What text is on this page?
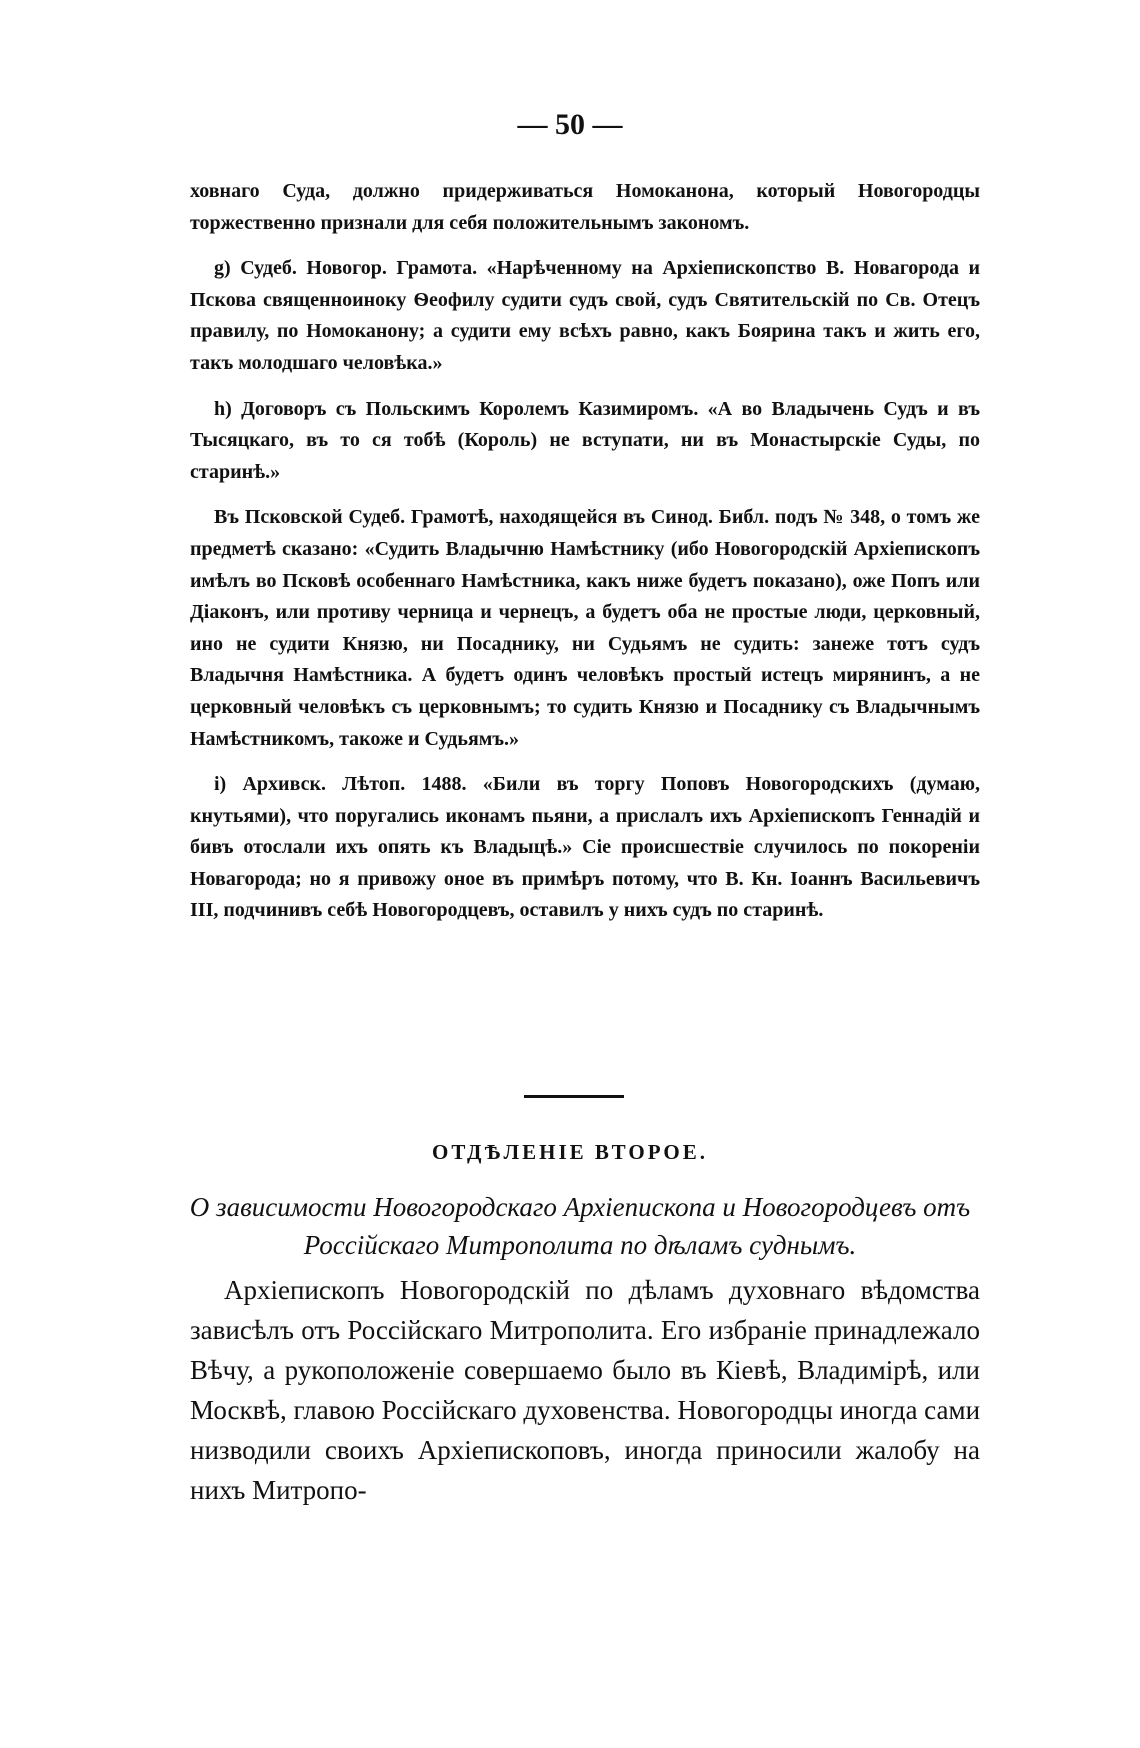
— 50 —

ховнаго Суда, должно придерживаться Номоканона, который Новогородцы торжественно признали для себя положительнымъ закономъ.

g) Судеб. Новогор. Грамота. «Нарѣченному на Архіепископство В. Новагорода и Пскова священноиноку Ѳеофилу судити судъ свой, судъ Святительскій по Св. Отецъ правилу, по Номоканону; а судити ему всѣхъ равно, какъ Боярина такъ и жить его, такъ молодшаго человѣка.»

h) Договоръ съ Польскимъ Королемъ Казимиромъ. «А во Владычень Судъ и въ Тысяцкаго, въ то ся тобѣ (Король) не вступати, ни въ Монастырскіе Суды, по старинѣ.»

Въ Псковской Судеб. Грамотѣ, находящейся въ Синод. Библ. подъ № 348, о томъ же предметѣ сказано: «Судить Владычню Намѣстнику (ибо Новогородскій Архіепископъ имѣлъ во Псковѣ особеннаго Намѣстника, какъ ниже будетъ показано), оже Попъ или Діаконъ, или противу черница и чернецъ, а будетъ оба не простые люди, церковный, ино не судити Князю, ни Посаднику, ни Судьямъ не судить: занеже тотъ судъ Владычня Намѣстника. А будетъ одинъ человѣкъ простый истецъ мирянинъ, а не церковный человѣкъ съ церковнымъ; то судить Князю и Посаднику съ Владычнымъ Намѣстникомъ, такоже и Судьямъ.»

i) Архивск. Лѣтоп. 1488. «Били въ торгу Поповъ Новогородскихъ (думаю, кнутьями), что поругались иконамъ пьяни, а прислалъ ихъ Архіепископъ Геннадій и бивъ отослали ихъ опять къ Владыцѣ.» Сіе происшествіе случилось по покореніи Новагорода; но я привожу оное въ примѣръ потому, что В. Кн. Іоаннъ Васильевичъ III, подчинивъ себѣ Новогородцевъ, оставилъ у нихъ судъ по старинѣ.

ОТДѢЛЕНІЕ ВТОРОЕ.
О зависимости Новогородскаго Архіепископа и Новогородцевъ отъ Россійскаго Митрополита по дѣламъ суднымъ.

Архіепископъ Новогородскій по дѣламъ духовнаго вѣдомства зависѣлъ отъ Россійскаго Митрополита. Его избраніе принадлежало Вѣчу, а рукоположеніе совершаемо было въ Кіевѣ, Владимірѣ, или Москвѣ, главою Россійскаго духовенства. Новогородцы иногда сами низводили своихъ Архіепископовъ, иногда приносили жалобу на нихъ Митропо-
